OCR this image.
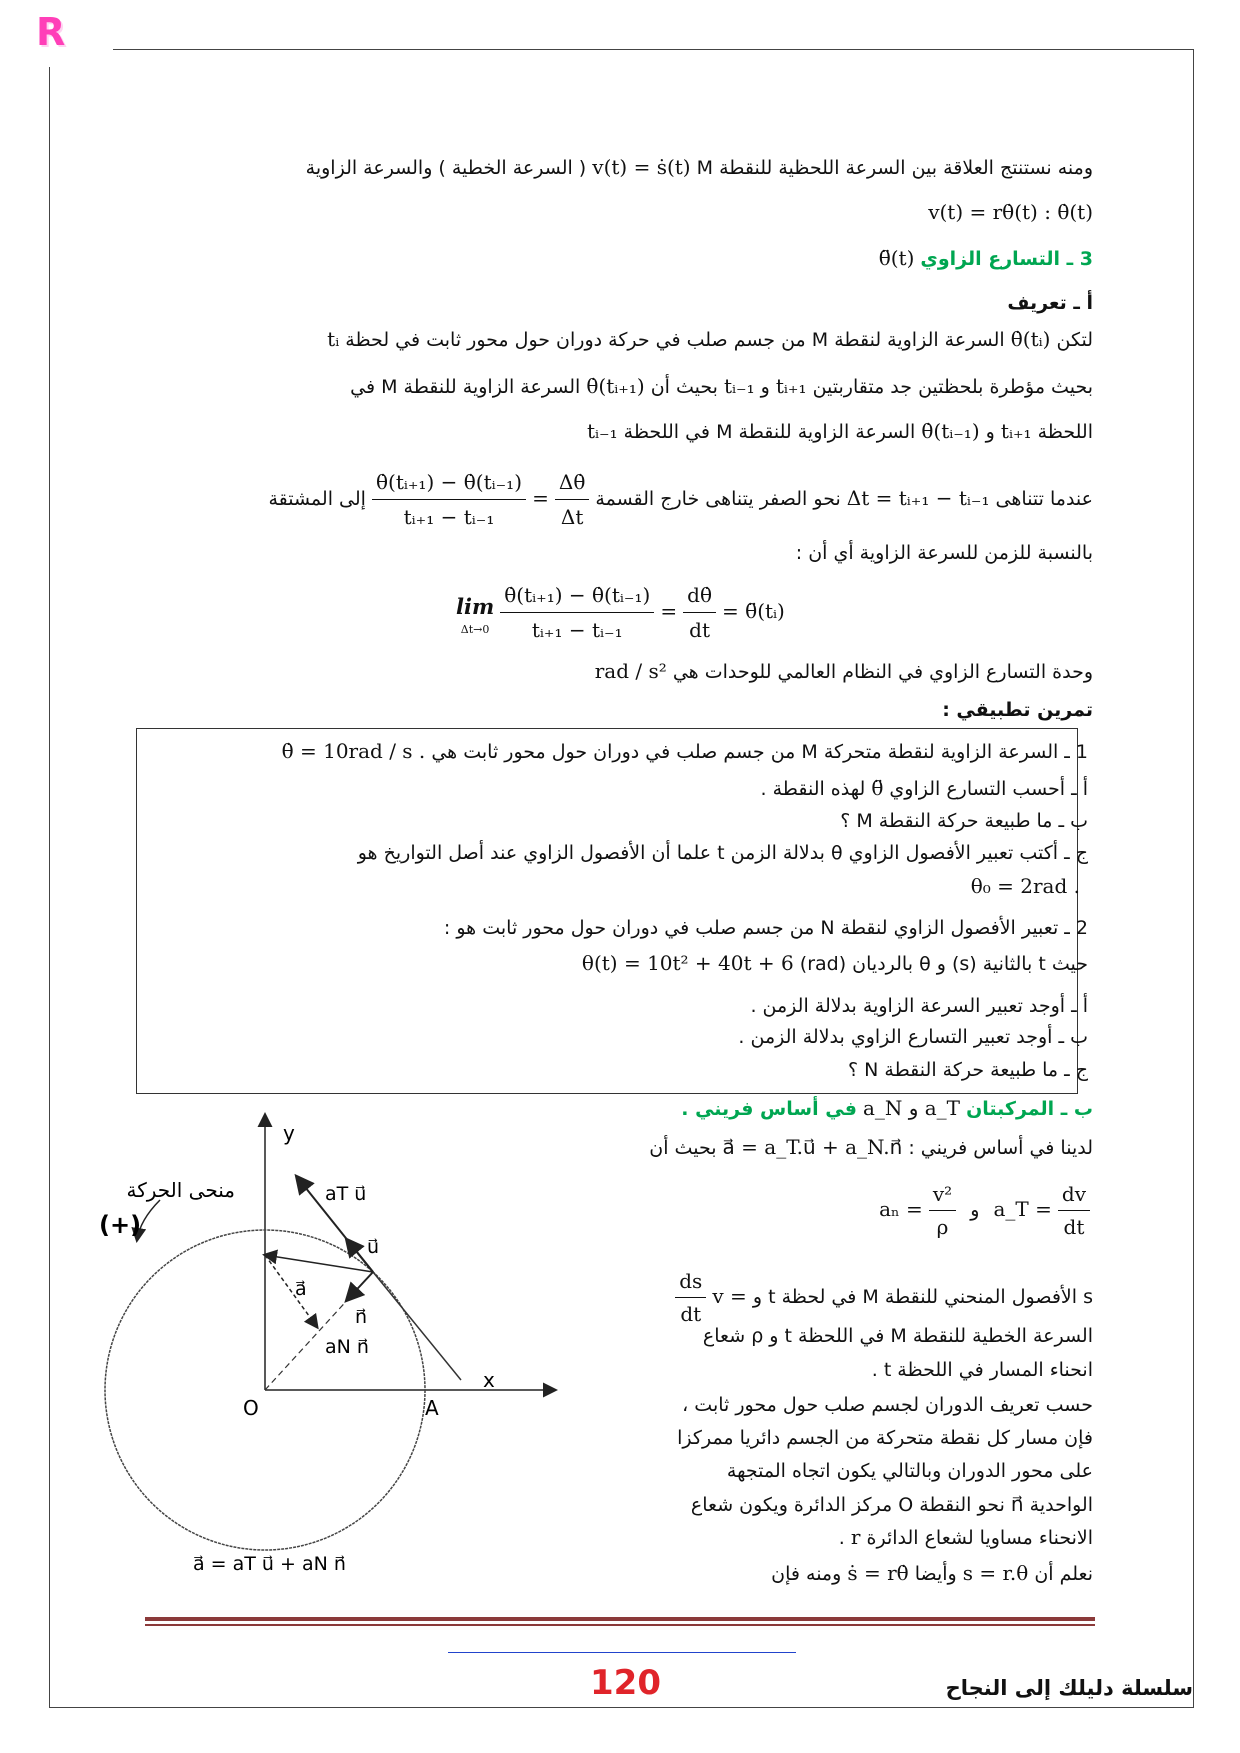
R
ومنه نستنتج العلاقة بين السرعة اللحظية للنقطة M v(t) = ṡ(t) ( السرعة الخطية ) والسرعة الزاوية
v(t) = rθ̇(t) : θ̇(t)
3 ـ التسارع الزاوي θ̈(t)
أ ـ تعريف
لتكن θ̇(tᵢ) السرعة الزاوية لنقطة M من جسم صلب في حركة دوران حول محور ثابت في لحظة tᵢ
بحيث مؤطرة بلحظتين جد متقاربتين tᵢ₊₁ و tᵢ₋₁ بحيث أن θ̇(tᵢ₊₁) السرعة الزاوية للنقطة M في
اللحظة tᵢ₊₁ و θ̇(tᵢ₋₁) السرعة الزاوية للنقطة M في اللحظة tᵢ₋₁
عندما تتناهى Δt = tᵢ₊₁ − tᵢ₋₁ نحو الصفر يتناهى خارج القسمة
$\frac{\Delta\thetȧ}{\Delta t}$
=
$\frac{\text{θ̇(tᵢ₊₁) − θ̇(tᵢ₋₁)}}{\text{tᵢ₊₁ − tᵢ₋₁}}$
إلى المشتقة
بالنسبة للزمن للسرعة الزاوية أي أن :
lim
Δt→0
$\frac{\text{θ̇(tᵢ₊₁) − θ̇(tᵢ₋₁)}}{\text{tᵢ₊₁ − tᵢ₋₁}} = \frac{d\thetȧ}{dt}$ = θ̈(tᵢ)
وحدة التسارع الزاوي في النظام العالمي للوحدات هي rad / s²
تمرين تطبيقي :
1 ـ السرعة الزاوية لنقطة متحركة M من جسم صلب في دوران حول محور ثابت هي θ̇ = 10rad / s .
أ ـ أحسب التسارع الزاوي θ̈ لهذه النقطة .
ب ـ ما طبيعة حركة النقطة M ؟
ج ـ أكتب تعبير الأفصول الزاوي θ بدلالة الزمن t علما أن الأفصول الزاوي عند أصل التواريخ هو
θ₀ = 2rad .
2 ـ تعبير الأفصول الزاوي لنقطة N من جسم صلب في دوران حول محور ثابت هو :
حيث t بالثانية (s) و θ بالرديان (rad) θ(t) = 10t² + 40t + 6
أ ـ أوجد تعبير السرعة الزاوية بدلالة الزمن .
ب ـ أوجد تعبير التسارع الزاوي بدلالة الزمن .
ج ـ ما طبيعة حركة النقطة N ؟
ب ـ المركبتان a_N و a_T في أساس فريني .
لدينا في أساس فريني : a⃗ = a_T.u⃗ + a_N.n⃗ بحيث أن
$a_n = \frac{\text{v²}}{\rho}$ و a_T = $\frac{dv}{dt}$
s الأفصول المنحني للنقطة M في لحظة t و v =
$\frac{ds}{dt}$
السرعة الخطية للنقطة M في اللحظة t و ρ شعاع
انحناء المسار في اللحظة t .
حسب تعريف الدوران لجسم صلب حول محور ثابت ،
فإن مسار كل نقطة متحركة من الجسم دائريا ممركزا
على محور الدوران وبالتالي يكون اتجاه المتجهة
الواحدية n⃗ نحو النقطة O مركز الدائرة ويكون شعاع
الانحناء مساويا لشعاع الدائرة r .
نعلم أن s = r.θ وأيضا ṡ = rθ̇ ومنه فإن
y
x
O	A
منحى الحركة
(+)
aT u⃗
u⃗
a⃗
n⃗
aN n⃗
a⃗ = aT u⃗ + aN n⃗
120	سلسلة دليلك إلى النجاح
